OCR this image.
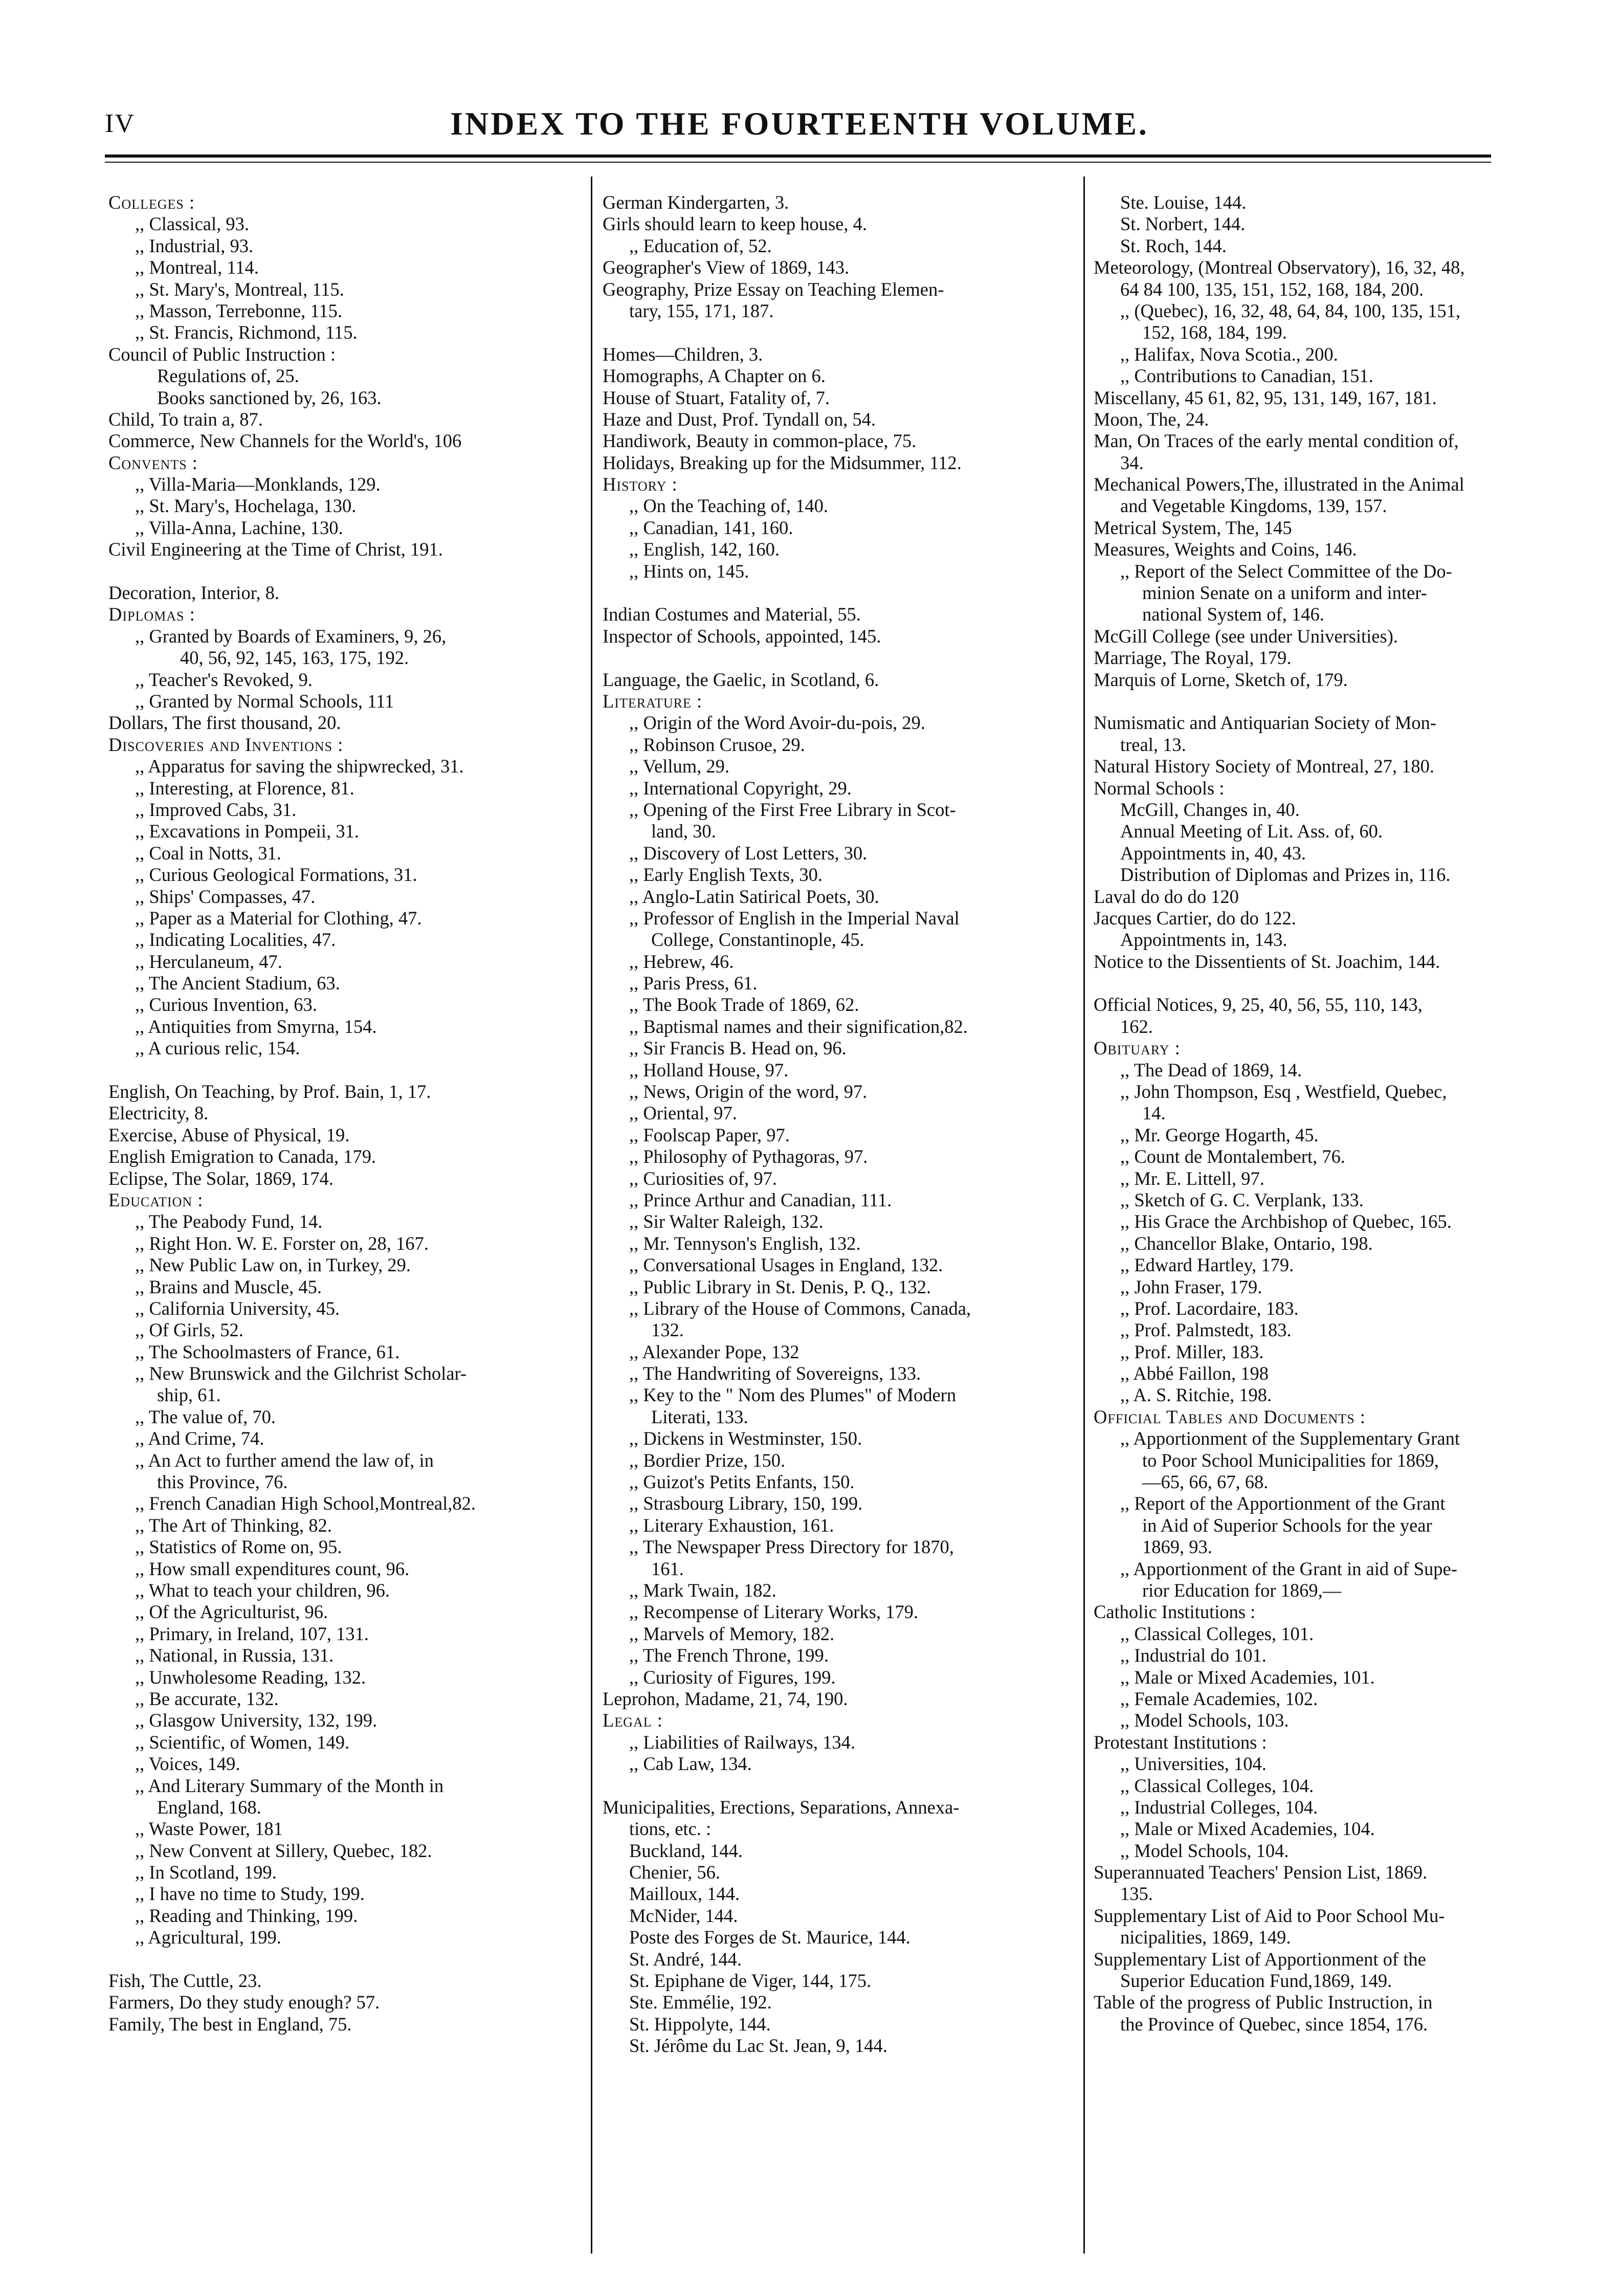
IV	INDEX TO THE FOURTEENTH VOLUME.
Colleges :
,, Classical, 93.
,, Industrial, 93.
,, Montreal, 114.
,, St. Mary's, Montreal, 115.
,, Masson, Terrebonne, 115.
,, St. Francis, Richmond, 115.
Council of Public Instruction :
Regulations of, 25.
Books sanctioned by, 26, 163.
Child, To train a, 87.
Commerce, New Channels for the World's, 106
Convents :
,, Villa-Maria—Monklands, 129.
,, St. Mary's, Hochelaga, 130.
,, Villa-Anna, Lachine, 130.
Civil Engineering at the Time of Christ, 191.
Decoration, Interior, 8.
Diplomas :
,, Granted by Boards of Examiners, 9, 26,
40, 56, 92, 145, 163, 175, 192.
,, Teacher's Revoked, 9.
,, Granted by Normal Schools, 111
Dollars, The first thousand, 20.
Discoveries and Inventions :
,, Apparatus for saving the shipwrecked, 31.
,, Interesting, at Florence, 81.
,, Improved Cabs, 31.
,, Excavations in Pompeii, 31.
,, Coal in Notts, 31.
,, Curious Geological Formations, 31.
,, Ships' Compasses, 47.
,, Paper as a Material for Clothing, 47.
,, Indicating Localities, 47.
,, Herculaneum, 47.
,, The Ancient Stadium, 63.
,, Curious Invention, 63.
,, Antiquities from Smyrna, 154.
,, A curious relic, 154.
English, On Teaching, by Prof. Bain, 1, 17.
Electricity, 8.
Exercise, Abuse of Physical, 19.
English Emigration to Canada, 179.
Eclipse, The Solar, 1869, 174.
Education :
,, The Peabody Fund, 14.
,, Right Hon. W. E. Forster on, 28, 167.
,, New Public Law on, in Turkey, 29.
,, Brains and Muscle, 45.
,, California University, 45.
,, Of Girls, 52.
,, The Schoolmasters of France, 61.
,, New Brunswick and the Gilchrist Scholar-
ship, 61.
,, The value of, 70.
,, And Crime, 74.
,, An Act to further amend the law of, in
this Province, 76.
,, French Canadian High School,Montreal,82.
,, The Art of Thinking, 82.
,, Statistics of Rome on, 95.
,, How small expenditures count, 96.
,, What to teach your children, 96.
,, Of the Agriculturist, 96.
,, Primary, in Ireland, 107, 131.
,, National, in Russia, 131.
,, Unwholesome Reading, 132.
,, Be accurate, 132.
,, Glasgow University, 132, 199.
,, Scientific, of Women, 149.
,, Voices, 149.
,, And Literary Summary of the Month in
England, 168.
,, Waste Power, 181
,, New Convent at Sillery, Quebec, 182.
,, In Scotland, 199.
,, I have no time to Study, 199.
,, Reading and Thinking, 199.
,, Agricultural, 199.
Fish, The Cuttle, 23.
Farmers, Do they study enough? 57.
Family, The best in England, 75.
German Kindergarten, 3.
Girls should learn to keep house, 4.
,, Education of, 52.
Geographer's View of 1869, 143.
Geography, Prize Essay on Teaching Elemen-
tary, 155, 171, 187.
Homes—Children, 3.
Homographs, A Chapter on 6.
House of Stuart, Fatality of, 7.
Haze and Dust, Prof. Tyndall on, 54.
Handiwork, Beauty in common-place, 75.
Holidays, Breaking up for the Midsummer, 112.
History :
,, On the Teaching of, 140.
,, Canadian, 141, 160.
,, English, 142, 160.
,, Hints on, 145.
Indian Costumes and Material, 55.
Inspector of Schools, appointed, 145.
Language, the Gaelic, in Scotland, 6.
Literature :
,, Origin of the Word Avoir-du-pois, 29.
,, Robinson Crusoe, 29.
,, Vellum, 29.
,, International Copyright, 29.
,, Opening of the First Free Library in Scot-
land, 30.
,, Discovery of Lost Letters, 30.
,, Early English Texts, 30.
,, Anglo-Latin Satirical Poets, 30.
,, Professor of English in the Imperial Naval
College, Constantinople, 45.
,, Hebrew, 46.
,, Paris Press, 61.
,, The Book Trade of 1869, 62.
,, Baptismal names and their signification,82.
,, Sir Francis B. Head on, 96.
,, Holland House, 97.
,, News, Origin of the word, 97.
,, Oriental, 97.
,, Foolscap Paper, 97.
,, Philosophy of Pythagoras, 97.
,, Curiosities of, 97.
,, Prince Arthur and Canadian, 111.
,, Sir Walter Raleigh, 132.
,, Mr. Tennyson's English, 132.
,, Conversational Usages in England, 132.
,, Public Library in St. Denis, P. Q., 132.
,, Library of the House of Commons, Canada,
132.
,, Alexander Pope, 132
,, The Handwriting of Sovereigns, 133.
,, Key to the " Nom des Plumes" of Modern
Literati, 133.
,, Dickens in Westminster, 150.
,, Bordier Prize, 150.
,, Guizot's Petits Enfants, 150.
,, Strasbourg Library, 150, 199.
,, Literary Exhaustion, 161.
,, The Newspaper Press Directory for 1870,
161.
,, Mark Twain, 182.
,, Recompense of Literary Works, 179.
,, Marvels of Memory, 182.
,, The French Throne, 199.
,, Curiosity of Figures, 199.
Leprohon, Madame, 21, 74, 190.
Legal :
,, Liabilities of Railways, 134.
,, Cab Law, 134.
Municipalities, Erections, Separations, Annexa-
tions, etc. :
Buckland, 144.
Chenier, 56.
Mailloux, 144.
McNider, 144.
Poste des Forges de St. Maurice, 144.
St. André, 144.
St. Epiphane de Viger, 144, 175.
Ste. Emmélie, 192.
St. Hippolyte, 144.
St. Jérôme du Lac St. Jean, 9, 144.
Ste. Louise, 144.
St. Norbert, 144.
St. Roch, 144.
Meteorology, (Montreal Observatory), 16, 32, 48,
64 84 100, 135, 151, 152, 168, 184, 200.
,, (Quebec), 16, 32, 48, 64, 84, 100, 135, 151,
152, 168, 184, 199.
,, Halifax, Nova Scotia., 200.
,, Contributions to Canadian, 151.
Miscellany, 45 61, 82, 95, 131, 149, 167, 181.
Moon, The, 24.
Man, On Traces of the early mental condition of,
34.
Mechanical Powers,The, illustrated in the Animal
and Vegetable Kingdoms, 139, 157.
Metrical System, The, 145
Measures, Weights and Coins, 146.
,, Report of the Select Committee of the Do-
minion Senate on a uniform and inter-
national System of, 146.
McGill College (see under Universities).
Marriage, The Royal, 179.
Marquis of Lorne, Sketch of, 179.
Numismatic and Antiquarian Society of Mon-
treal, 13.
Natural History Society of Montreal, 27, 180.
Normal Schools :
McGill, Changes in, 40.
Annual Meeting of Lit. Ass. of, 60.
Appointments in, 40, 43.
Distribution of Diplomas and Prizes in, 116.
Laval do do do 120
Jacques Cartier, do do 122.
Appointments in, 143.
Notice to the Dissentients of St. Joachim, 144.
Official Notices, 9, 25, 40, 56, 55, 110, 143,
162.
Obituary :
,, The Dead of 1869, 14.
,, John Thompson, Esq , Westfield, Quebec,
14.
,, Mr. George Hogarth, 45.
,, Count de Montalembert, 76.
,, Mr. E. Littell, 97.
,, Sketch of G. C. Verplank, 133.
,, His Grace the Archbishop of Quebec, 165.
,, Chancellor Blake, Ontario, 198.
,, Edward Hartley, 179.
,, John Fraser, 179.
,, Prof. Lacordaire, 183.
,, Prof. Palmstedt, 183.
,, Prof. Miller, 183.
,, Abbé Faillon, 198
,, A. S. Ritchie, 198.
Official Tables and Documents :
,, Apportionment of the Supplementary Grant
to Poor School Municipalities for 1869,
—65, 66, 67, 68.
,, Report of the Apportionment of the Grant
in Aid of Superior Schools for the year
1869, 93.
,, Apportionment of the Grant in aid of Supe-
rior Education for 1869,—
Catholic Institutions :
,, Classical Colleges, 101.
,, Industrial do 101.
,, Male or Mixed Academies, 101.
,, Female Academies, 102.
,, Model Schools, 103.
Protestant Institutions :
,, Universities, 104.
,, Classical Colleges, 104.
,, Industrial Colleges, 104.
,, Male or Mixed Academies, 104.
,, Model Schools, 104.
Superannuated Teachers' Pension List, 1869.
135.
Supplementary List of Aid to Poor School Mu-
nicipalities, 1869, 149.
Supplementary List of Apportionment of the
Superior Education Fund,1869, 149.
Table of the progress of Public Instruction, in
the Province of Quebec, since 1854, 176.
